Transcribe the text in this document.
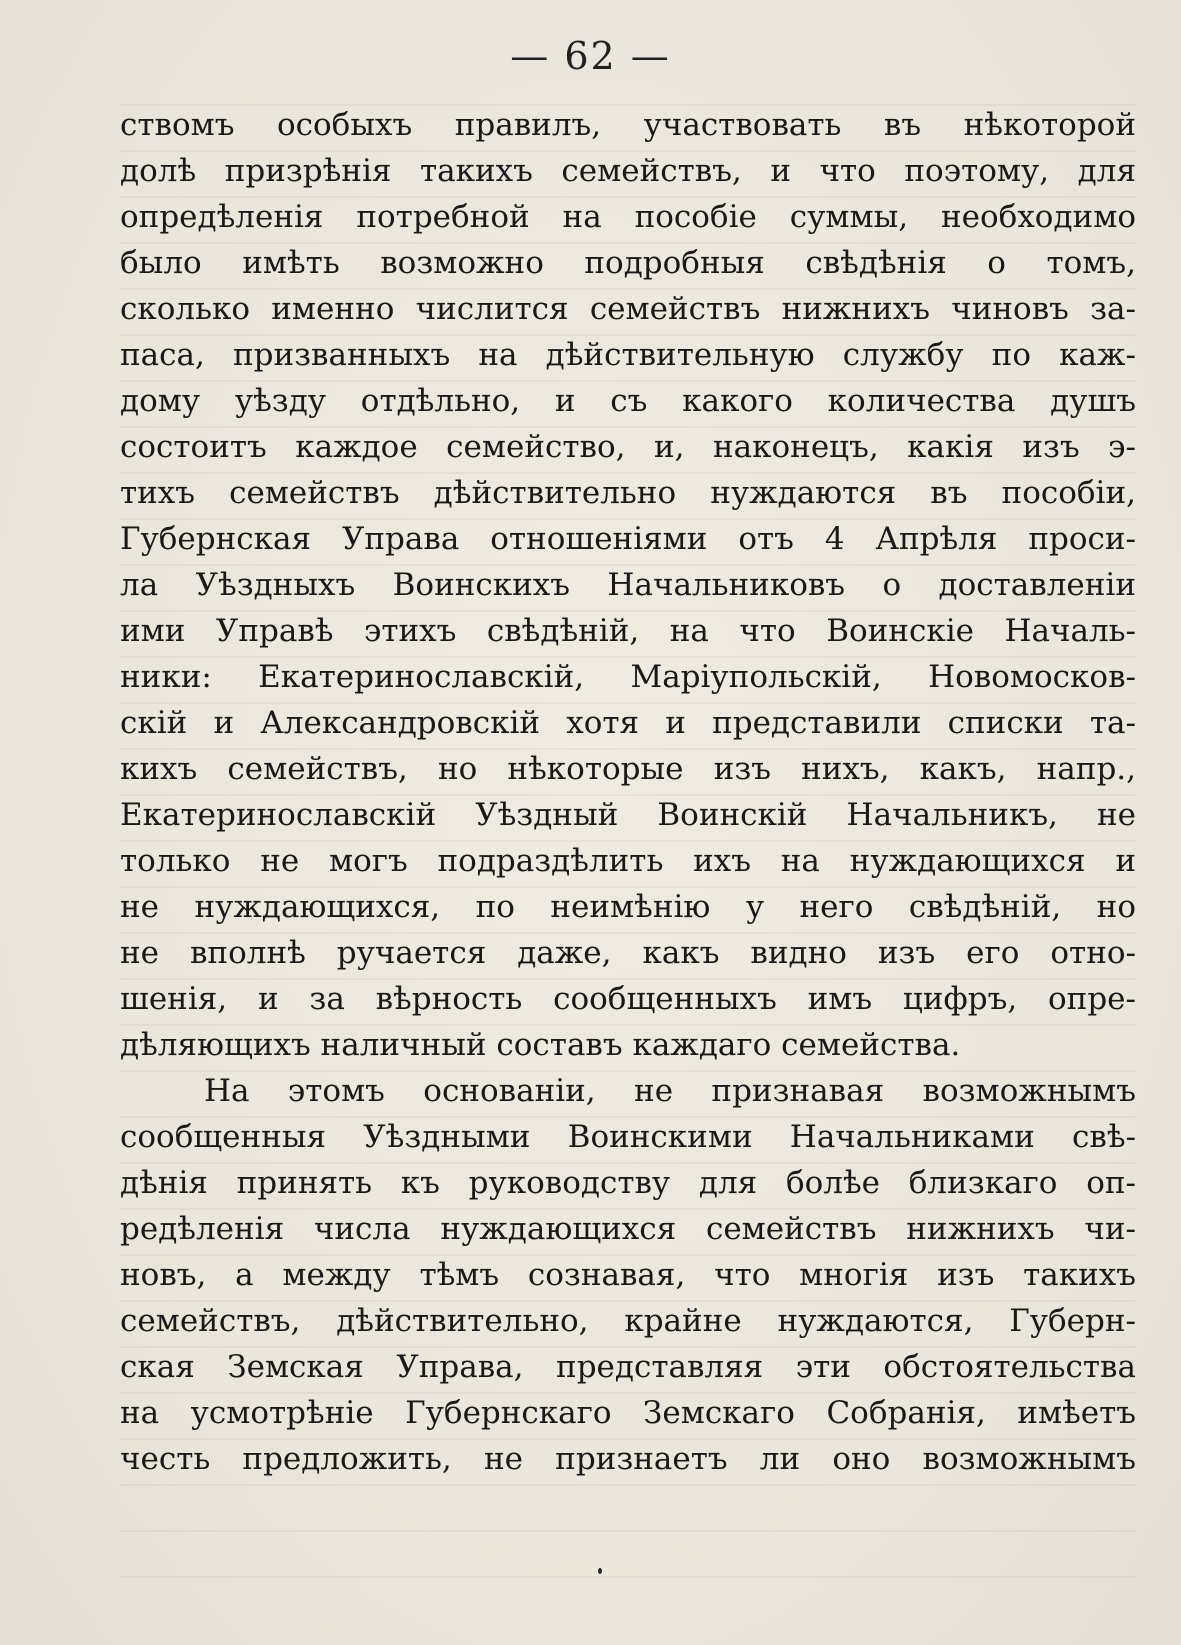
— 62 —
ствомъ особыхъ правилъ, участвовать въ нѣкоторой
долѣ призрѣнія такихъ семействъ, и что поэтому, для
опредѣленія потребной на пособіе суммы, необходимо
было имѣть возможно подробныя свѣдѣнія о томъ,
сколько именно числится семействъ нижнихъ чиновъ за-
паса, призванныхъ на дѣйствительную службу по каж-
дому уѣзду отдѣльно, и съ какого количества душъ
состоитъ каждое семейство, и, наконецъ, какія изъ э-
тихъ семействъ дѣйствительно нуждаются въ пособіи,
Губернская Управа отношеніями отъ 4 Апрѣля проси-
ла Уѣздныхъ Воинскихъ Начальниковъ о доставленіи
ими Управѣ этихъ свѣдѣній, на что Воинскіе Началь-
ники: Екатеринославскій, Маріупольскій, Новомосков-
скій и Александровскій хотя и представили списки та-
кихъ семействъ, но нѣкоторые изъ нихъ, какъ, напр.,
Екатеринославскій Уѣздный Воинскій Начальникъ, не
только не могъ подраздѣлить ихъ на нуждающихся и
не нуждающихся, по неимѣнію у него свѣдѣній, но
не вполнѣ ручается даже, какъ видно изъ его отно-
шенія, и за вѣрность сообщенныхъ имъ цифръ, опре-
дѣляющихъ наличный составъ каждаго семейства.
На этомъ основаніи, не признавая возможнымъ
сообщенныя Уѣздными Воинскими Начальниками свѣ-
дѣнія принять къ руководству для болѣе близкаго оп-
редѣленія числа нуждающихся семействъ нижнихъ чи-
новъ, а между тѣмъ сознавая, что многія изъ такихъ
семействъ, дѣйствительно, крайне нуждаются, Губерн-
ская Земская Управа, представляя эти обстоятельства
на усмотрѣніе Губернскаго Земскаго Собранія, имѣетъ
честь предложить, не признаетъ ли оно возможнымъ
